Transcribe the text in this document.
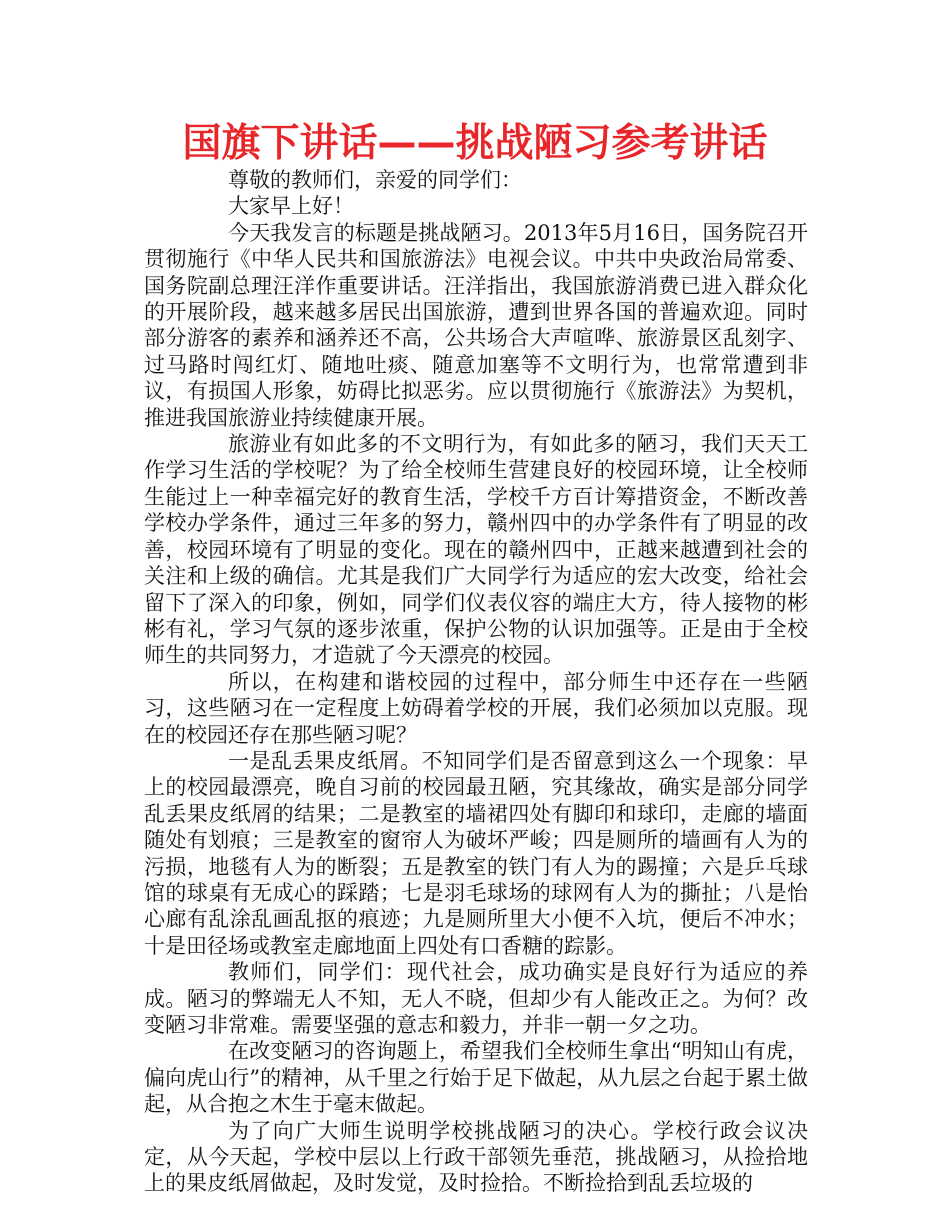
国旗下讲话——挑战陋习参考讲话

尊敬的教师们，亲爱的同学们：

大家早上好！

今天我发言的标题是挑战陋习。2013年5月16日，国务院召开贯彻施行《中华人民共和国旅游法》电视会议。中共中央政治局常委、国务院副总理汪洋作重要讲话。汪洋指出，我国旅游消费已进入群众化的开展阶段，越来越多居民出国旅游，遭到世界各国的普遍欢迎。同时部分游客的素养和涵养还不高，公共场合大声喧哗、旅游景区乱刻字、过马路时闯红灯、随地吐痰、随意加塞等不文明行为，也常常遭到非议，有损国人形象，妨碍比拟恶劣。应以贯彻施行《旅游法》为契机，推进我国旅游业持续健康开展。

旅游业有如此多的不文明行为，有如此多的陋习，我们天天工作学习生活的学校呢？为了给全校师生营建良好的校园环境，让全校师生能过上一种幸福完好的教育生活，学校千方百计筹措资金，不断改善学校办学条件，通过三年多的努力，赣州四中的办学条件有了明显的改善，校园环境有了明显的变化。现在的赣州四中，正越来越遭到社会的关注和上级的确信。尤其是我们广大同学行为适应的宏大改变，给社会留下了深入的印象，例如，同学们仪表仪容的端庄大方，待人接物的彬彬有礼，学习气氛的逐步浓重，保护公物的认识加强等。正是由于全校师生的共同努力，才造就了今天漂亮的校园。

所以，在构建和谐校园的过程中，部分师生中还存在一些陋习，这些陋习在一定程度上妨碍着学校的开展，我们必须加以克服。现在的校园还存在那些陋习呢？

一是乱丢果皮纸屑。不知同学们是否留意到这么一个现象：早上的校园最漂亮，晚自习前的校园最丑陋，究其缘故，确实是部分同学乱丢果皮纸屑的结果；二是教室的墙裙四处有脚印和球印，走廊的墙面随处有划痕；三是教室的窗帘人为破坏严峻；四是厕所的墙画有人为的污损，地毯有人为的断裂；五是教室的铁门有人为的踢撞；六是乒乓球馆的球桌有无成心的踩踏；七是羽毛球场的球网有人为的撕扯；八是怡心廊有乱涂乱画乱抠的痕迹；九是厕所里大小便不入坑，便后不冲水；十是田径场或教室走廊地面上四处有口香糖的踪影。

教师们，同学们：现代社会，成功确实是良好行为适应的养成。陋习的弊端无人不知，无人不晓，但却少有人能改正之。为何？改变陋习非常难。需要坚强的意志和毅力，并非一朝一夕之功。

在改变陋习的咨询题上，希望我们全校师生拿出“明知山有虎，偏向虎山行”的精神，从千里之行始于足下做起，从九层之台起于累土做起，从合抱之木生于毫末做起。

为了向广大师生说明学校挑战陋习的决心。学校行政会议决定，从今天起，学校中层以上行政干部领先垂范，挑战陋习，从捡拾地上的果皮纸屑做起，及时发觉，及时捡拾。不断捡拾到乱丢垃圾的
